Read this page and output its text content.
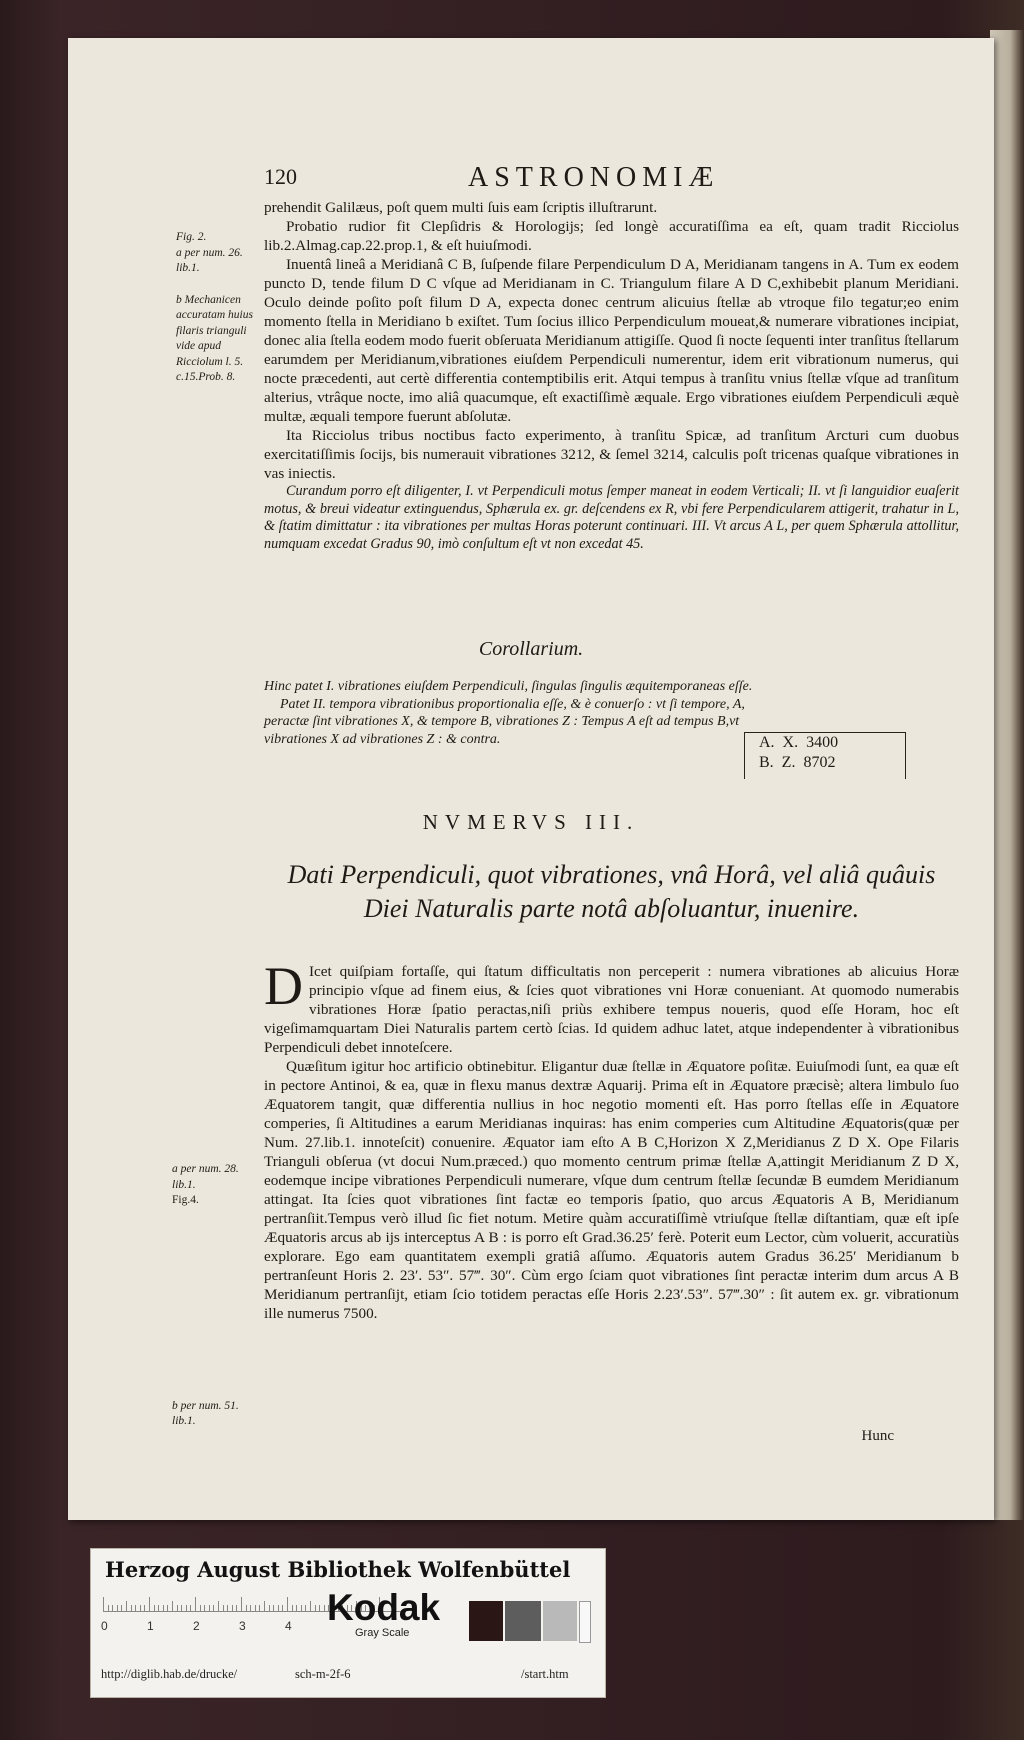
120	ASTRONOMIÆ

prehendit Galilæus, poſt quem multi ſuis eam ſcriptis illuſtrarunt.

Probatio rudior fit Clepſidris & Horologijs; ſed longè accuratiſſima ea eſt, quam tradit Ricciolus lib.2.Almag.cap.22.prop.1, & eſt huiuſmodi.

Inuentâ lineâ a Meridianâ C B, ſuſpende filare Perpendiculum D A, Meridianam tangens in A. Tum ex eodem puncto D, tende filum D C vſque ad Meridianam in C. Triangulum filare A D C,exhibebit planum Meridiani. Oculo deinde poſito poſt filum D A, expecta donec centrum alicuius ſtellæ ab vtroque filo tegatur;eo enim momento ſtella in Meridiano b exiſtet. Tum ſocius illico Perpendiculum moueat,& numerare vibrationes incipiat, donec alia ſtella eodem modo fuerit obſeruata Meridianum attigiſſe. Quod ſi nocte ſequenti inter tranſitus ſtellarum earumdem per Meridianum,vibrationes eiuſdem Perpendiculi numerentur, idem erit vibrationum numerus, qui nocte præcedenti, aut certè differentia contemptibilis erit. Atqui tempus à tranſitu vnius ſtellæ vſque ad tranſitum alterius, vtrâque nocte, imo aliâ quacumque, eſt exactiſſimè æquale. Ergo vibrationes eiuſdem Perpendiculi æquè multæ, æquali tempore fuerunt abſolutæ.

Ita Ricciolus tribus noctibus facto experimento, à tranſitu Spicæ, ad tranſitum Arcturi cum duobus exercitatiſſimis ſocijs, bis numerauit vibrationes 3212, & ſemel 3214, calculis poſt tricenas quaſque vibrationes in vas iniectis.

Curandum porro eſt diligenter, I. vt Perpendiculi motus ſemper maneat in eodem Verticali; II. vt ſi languidior euaſerit motus, & breui videatur extinguendus, Sphærula ex. gr. deſcendens ex R, vbi fere Perpendicularem attigerit, trahatur in L, & ſtatim dimittatur : ita vibrationes per multas Horas poterunt continuari. III. Vt arcus A L, per quem Sphærula attollitur, numquam excedat Gradus 90, imò conſultum eſt vt non excedat 45.

Fig. 2.
a per num. 26. lib.1.
b Mechanicen accuratam huius filaris trianguli vide apud Ricciolum l. 5. c.15.Prob. 8.
Corollarium.

Hinc patet I. vibrationes eiuſdem Perpendiculi, ſingulas ſingulis æquitemporaneas eſſe.

Patet II. tempora vibrationibus proportionalia eſſe, & è conuerſo : vt ſi tempore, A, peractæ ſint vibrationes X, & tempore B, vibrationes Z : Tempus A eſt ad tempus B,vt vibrationes X ad vibrationes Z : & contra.	A.  X.  3400
B.  Z.  8702
NVMERVS III.
Dati Perpendiculi, quot vibrationes, vnâ Horâ, vel aliâ quâuis Diei Naturalis parte notâ abſoluantur, inuenire.

D Icet quiſpiam fortaſſe, qui ſtatum difficultatis non perceperit : numera vibrationes ab alicuius Horæ principio vſque ad finem eius, & ſcies quot vibrationes vni Horæ conueniant. At quomodo numerabis vibrationes Horæ ſpatio peractas,niſi priùs exhibere tempus noueris, quod eſſe Horam, hoc eſt vigeſimamquartam Diei Naturalis partem certò ſcias. Id quidem adhuc latet, atque independenter à vibrationibus Perpendiculi debet innoteſcere.

Quæſitum igitur hoc artificio obtinebitur. Eligantur duæ ſtellæ in Æquatore poſitæ. Euiuſmodi ſunt, ea quæ eſt in pectore Antinoi, & ea, quæ in flexu manus dextræ Aquarij. Prima eſt in Æquatore præcisè; altera limbulo ſuo Æquatorem tangit, quæ differentia nullius in hoc negotio momenti eſt. Has porro ſtellas eſſe in Æquatore comperies, ſi Altitudines a earum Meridianas inquiras: has enim comperies cum Altitudine Æquatoris(quæ per Num. 27.lib.1. innoteſcit) conuenire. Æquator iam eſto A B C,Horizon X Z,Meridianus Z D X. Ope Filaris Trianguli obſerua (vt docui Num.præced.) quo momento centrum primæ ſtellæ A,attingit Meridianum Z D X, eodemque incipe vibrationes Perpendiculi numerare, vſque dum centrum ſtellæ ſecundæ B eumdem Meridianum attingat. Ita ſcies quot vibrationes ſint factæ eo temporis ſpatio, quo arcus Æquatoris A B, Meridianum pertranſiit.Tempus verò illud ſic fiet notum. Metire quàm accuratiſſimè vtriuſque ſtellæ diſtantiam, quæ eſt ipſe Æquatoris arcus ab ijs interceptus A B : is porro eſt Grad.36.25′ ferè. Poterit eum Lector, cùm voluerit, accuratiùs explorare. Ego eam quantitatem exempli gratiâ aſſumo. Æquatoris autem Gradus 36.25′ Meridianum b pertranſeunt Horis 2. 23′. 53″. 57‴. 30″. Cùm ergo ſciam quot vibrationes ſint peractæ interim dum arcus A B Meridianum pertranſijt, etiam ſcio totidem peractas eſſe Horis 2.23′.53″. 57‴.30″ : ſit autem ex. gr. vibrationum ille numerus 7500.

a per num. 28. lib.1.
Fig.4.
b per num. 51. lib.1.
Hunc
Herzog August Bibliothek Wolfenbüttel
0	1	2	3	4 Kodak
Gray Scale
http://diglib.hab.de/drucke/	sch-m-2f-6	/start.htm
